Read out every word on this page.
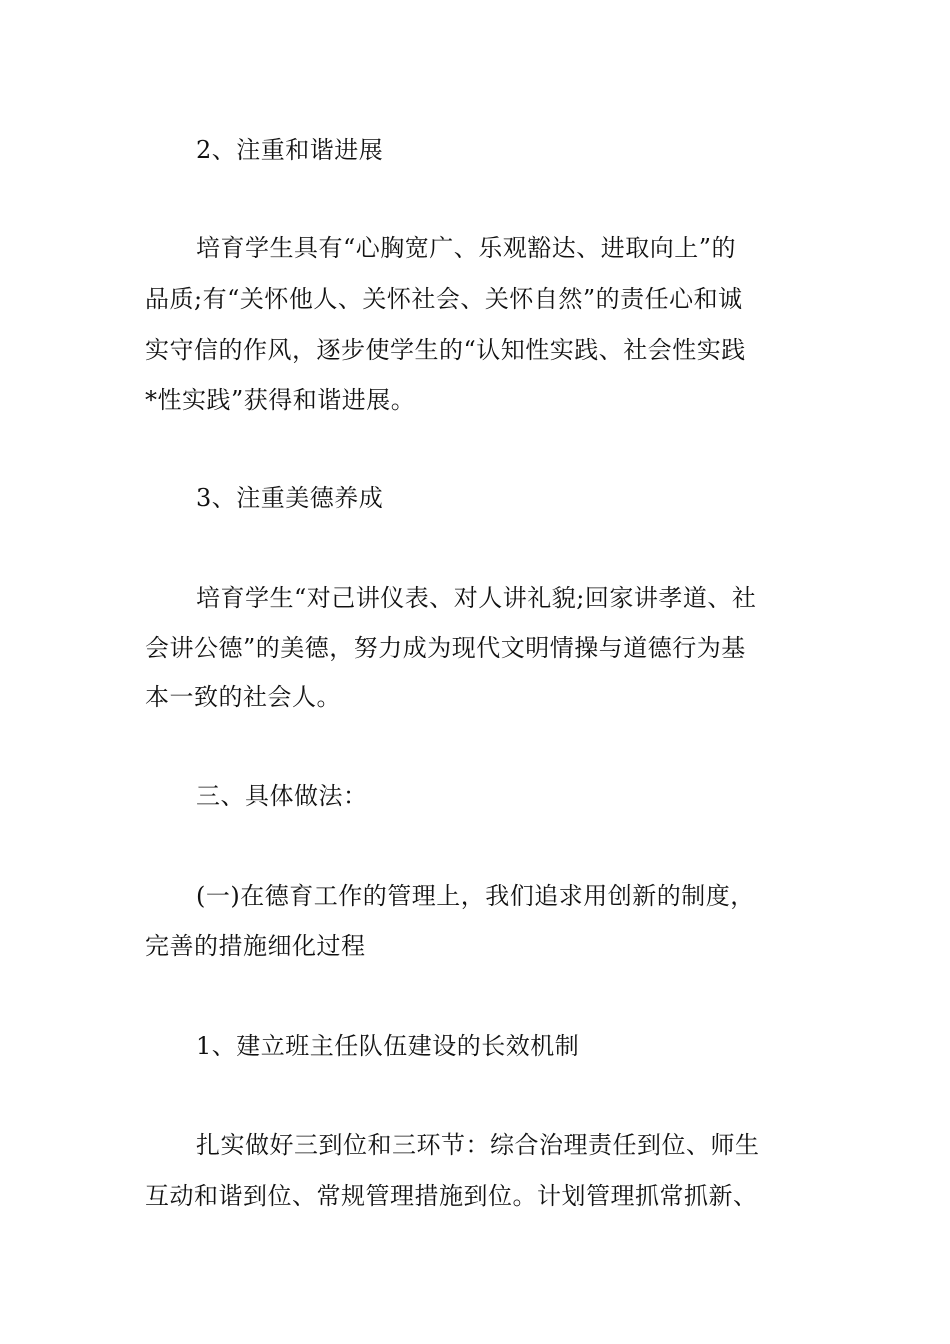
2、注重和谐进展
培育学生具有“心胸宽广、乐观豁达、进取向上”的
品质;有“关怀他人、关怀社会、关怀自然”的责任心和诚
实守信的作风，逐步使学生的“认知性实践、社会性实践
*性实践”获得和谐进展。
3、注重美德养成
培育学生“对己讲仪表、对人讲礼貌;回家讲孝道、社
会讲公德”的美德，努力成为现代文明情操与道德行为基
本一致的社会人。
三、具体做法：
(一)在德育工作的管理上，我们追求用创新的制度，
完善的措施细化过程
1、建立班主任队伍建设的长效机制
扎实做好三到位和三环节：综合治理责任到位、师生
互动和谐到位、常规管理措施到位。计划管理抓常抓新、
